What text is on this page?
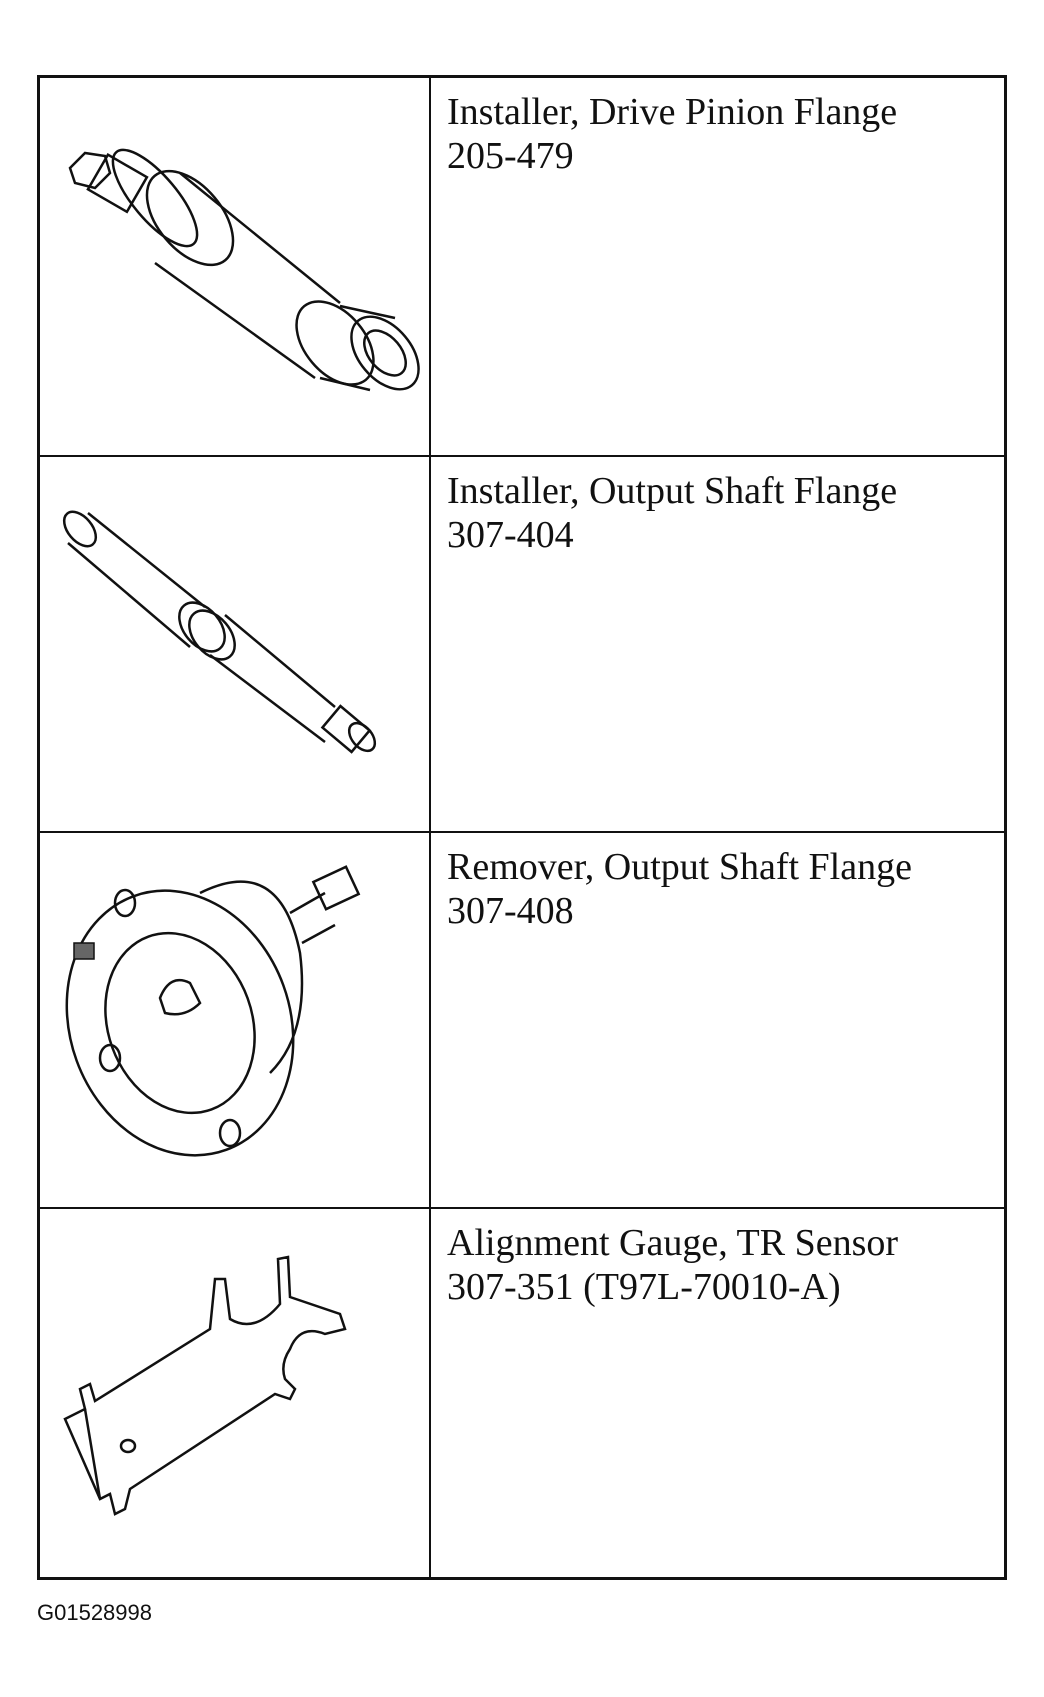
Installer, Drive Pinion Flange
205-479
Installer, Output Shaft Flange
307-404
Remover, Output Shaft Flange
307-408
Alignment Gauge, TR Sensor
307-351 (T97L-70010-A)
G01528998
